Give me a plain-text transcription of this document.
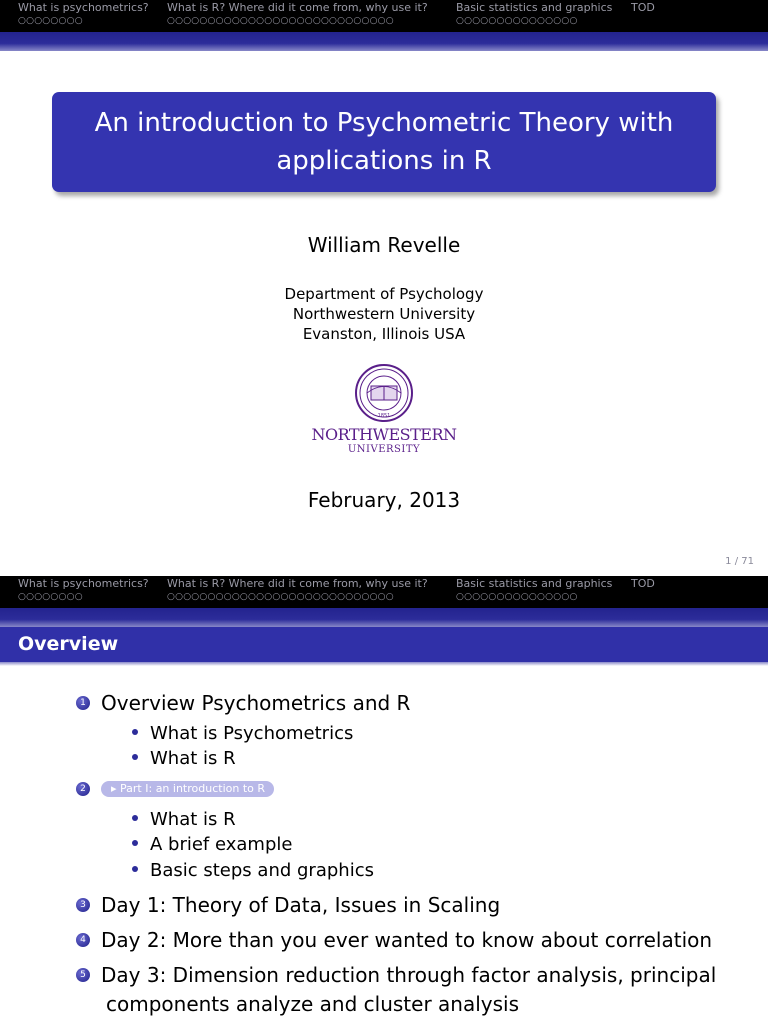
What is psychometrics?
○○○○○○○○
What is R? Where did it come from, why use it?
○○○○○○○○○○○○○○○○○○○○○○○○○○○○
Basic statistics and graphics
○○○○○○○○○○○○○○○
TOD
An introduction to Psychometric Theory with applications in R
William Revelle
Department of Psychology
Northwestern University
Evanston, Illinois USA
1851
NORTHWESTERN
UNIVERSITY
February, 2013
1 / 71
What is psychometrics?
○○○○○○○○
What is R? Where did it come from, why use it?
○○○○○○○○○○○○○○○○○○○○○○○○○○○○
Basic statistics and graphics
○○○○○○○○○○○○○○○
TOD
Overview
1 Overview Psychometrics and R
What is Psychometrics
What is R
2 ▸ Part I: an introduction to R
What is R
A brief example
Basic steps and graphics
3 Day 1: Theory of Data, Issues in Scaling
4 Day 2: More than you ever wanted to know about correlation
5 Day 3: Dimension reduction through factor analysis, principal
components analyze and cluster analysis
